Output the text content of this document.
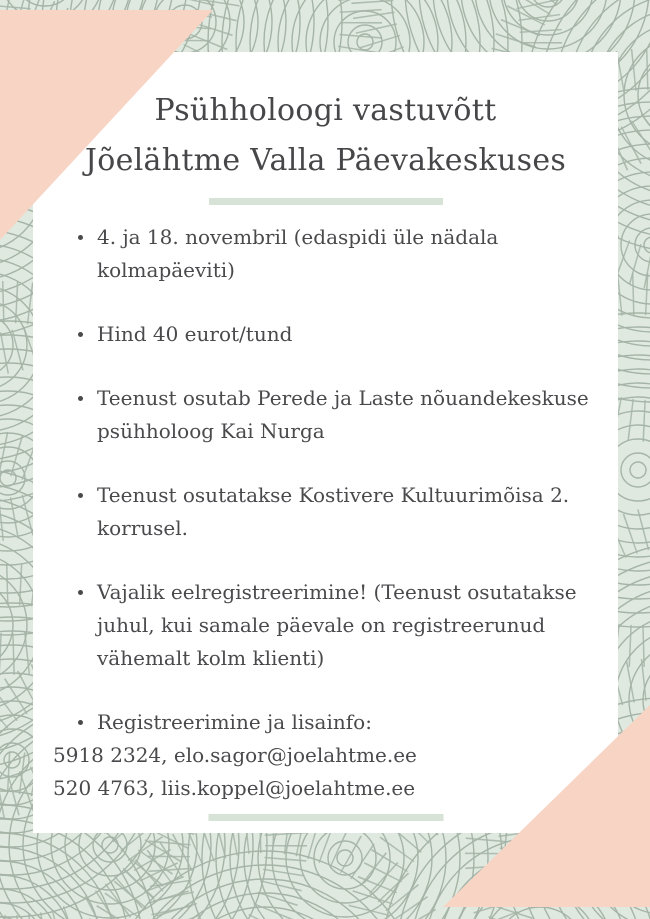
Psühholoogi vastuvõtt
Jõelähtme Valla Päevakeskuses
4. ja 18. novembril (edaspidi üle nädala kolmapäeviti)
Hind 40 eurot/tund
Teenust osutab Perede ja Laste nõuandekeskuse psühholoog Kai Nurga
Teenust osutatakse Kostivere Kultuurimõisa 2. korrusel.
Vajalik eelregistreerimine! (Teenust osutatakse juhul, kui samale päevale on registreerunud vähemalt kolm klienti)
Registreerimine ja lisainfo:
5918 2324, elo.sagor@joelahtme.ee
520 4763, liis.koppel@joelahtme.ee
